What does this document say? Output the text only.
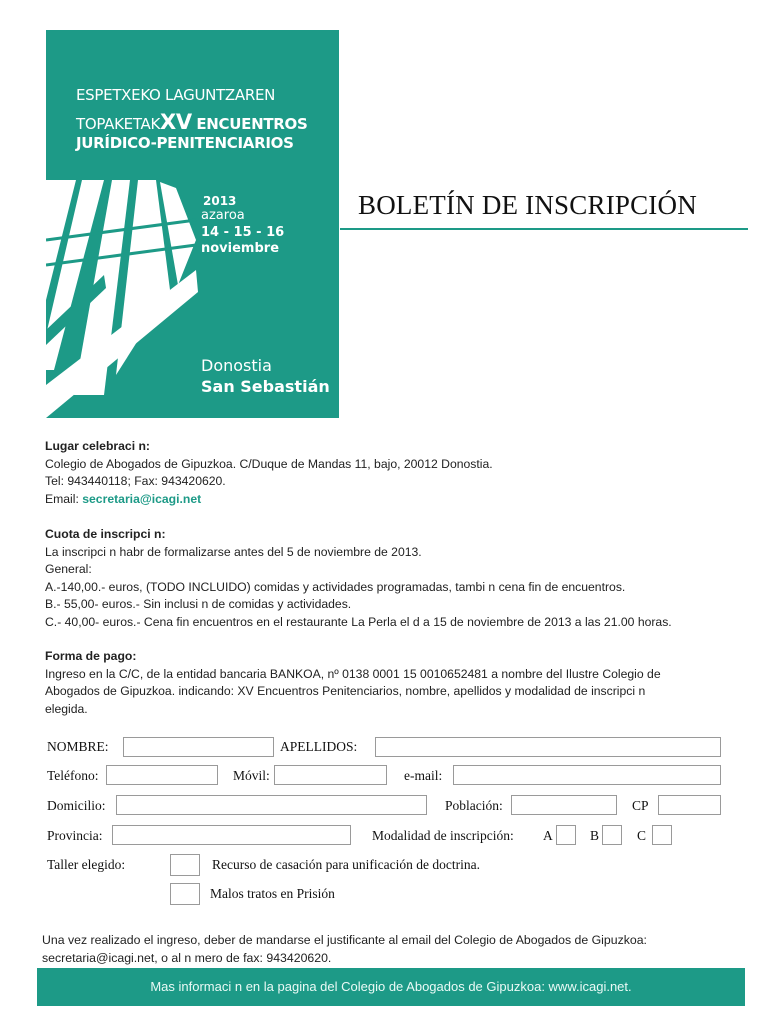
ESPETXEKO LAGUNTZAREN
TOPAKETAKXV ENCUENTROS
JURÍDICO-PENITENCIARIOS
2013
azaroa
14 - 15 - 16
noviembre
Donostia
San Sebastián
BOLETÍN DE INSCRIPCIÓN
Lugar celebraci n:
Colegio de Abogados de Gipuzkoa. C/Duque de Mandas 11, bajo, 20012 Donostia.
Tel: 943440118; Fax: 943420620.
Email: secretaria@icagi.net
Cuota de inscripci n:
La inscripci n habr de formalizarse antes del 5 de noviembre de 2013.
General:
A.-140,00.- euros, (TODO INCLUIDO) comidas y actividades programadas, tambi n cena fin de encuentros.
B.- 55,00- euros.- Sin inclusi n de comidas y actividades.
C.- 40,00- euros.- Cena fin encuentros en el restaurante La Perla el d a 15 de noviembre de 2013 a las 21.00 horas.
Forma de pago:
Ingreso en la C/C, de la entidad bancaria BANKOA, nº 0138 0001 15 0010652481 a nombre del Ilustre Colegio de
Abogados de Gipuzkoa. indicando: XV Encuentros Penitenciarios, nombre, apellidos y modalidad de inscripci n
elegida.
NOMBRE:	APELLIDOS:
Teléfono:	Móvil:	e-mail:
Domicilio:	Población:	CP
Provincia:	Modalidad de inscripción: A	B	C
Taller elegido:	Recurso de casación para unificación de doctrina.
Malos tratos en Prisión
Una vez realizado el ingreso, deber de mandarse el justificante al email del Colegio de Abogados de Gipuzkoa:
secretaria@icagi.net, o al n mero de fax: 943420620.
Mas informaci n en la pagina del Colegio de Abogados de Gipuzkoa: www.icagi.net.
